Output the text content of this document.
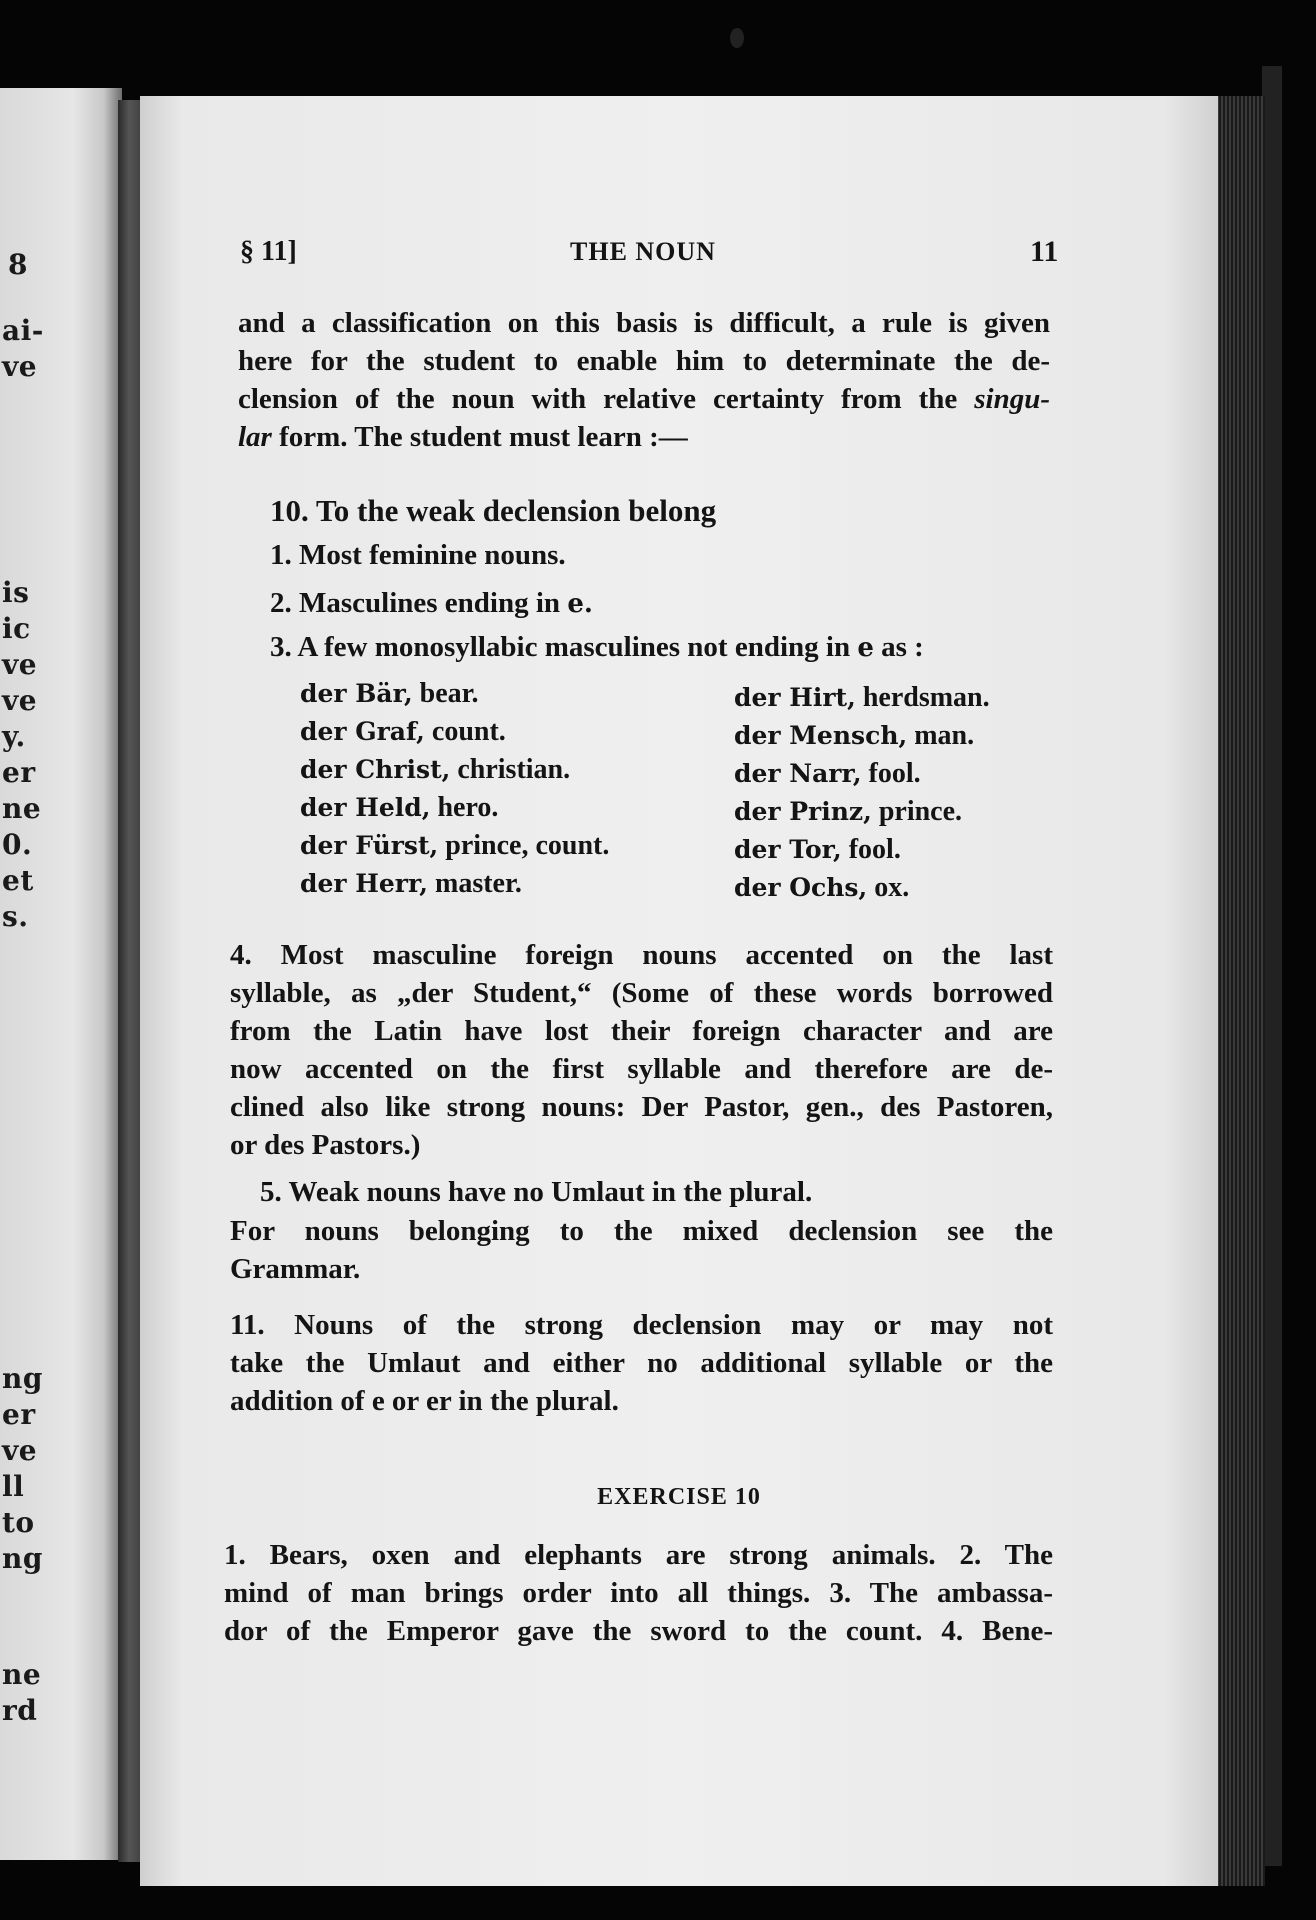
8
ai-
ve
is
ic
ve
ve
y.
er
ne
0.
et
s.
ng
er
ve
ll
to
ng
ne
rd
§ 11]	THE NOUN	11
and a classification on this basis is difficult, a rule is given
here for the student to enable him to determinate the de-
clension of the noun with relative certainty from the singu-
lar form. The student must learn :—
10. To the weak declension belong
1. Most feminine nouns.
2. Masculines ending in e.
3. A few monosyllabic masculines not ending in e as :
der Bär, bear.
der Graf, count.
der Christ, christian.
der Held, hero.
der Fürst, prince, count.
der Herr, master.
der Hirt, herdsman.
der Mensch, man.
der Narr, fool.
der Prinz, prince.
der Tor, fool.
der Ochs, ox.
4. Most masculine foreign nouns accented on the last
syllable, as „der Student,“ (Some of these words borrowed
from the Latin have lost their foreign character and are
now accented on the first syllable and therefore are de-
clined also like strong nouns: Der Pastor, gen., des Pastoren,
or des Pastors.)
5. Weak nouns have no Umlaut in the plural.
For nouns belonging to the mixed declension see the
Grammar.
11. Nouns of the strong declension may or may not
take the Umlaut and either no additional syllable or the
addition of e or er in the plural.
EXERCISE 10
1. Bears, oxen and elephants are strong animals. 2. The
mind of man brings order into all things. 3. The ambassa-
dor of the Emperor gave the sword to the count. 4. Bene-
